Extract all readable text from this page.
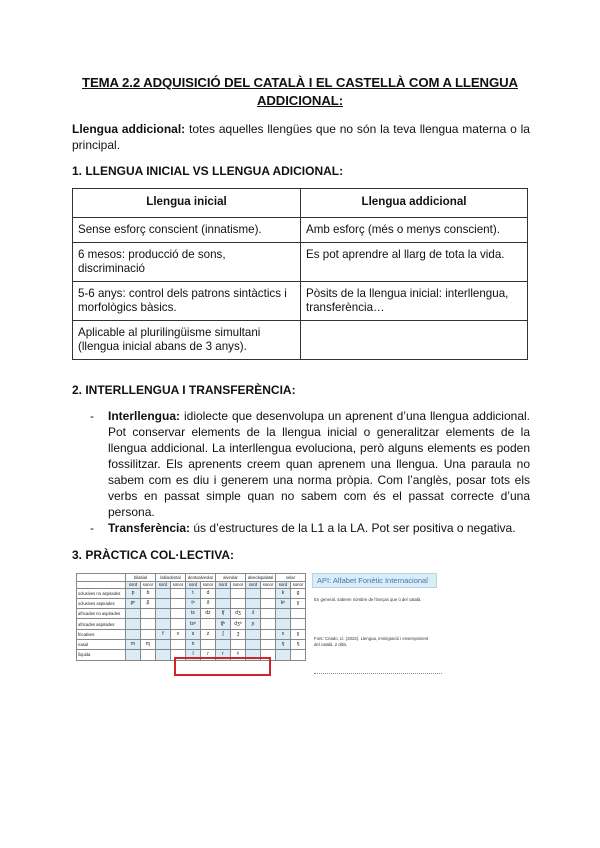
TEMA 2.2 ADQUISICIÓ DEL CATALÀ I EL CASTELLÀ COM A LLENGUA ADDICIONAL:

Llengua addicional: totes aquelles llengües que no són la teva llengua materna o la principal.

1. LLENGUA INICIAL VS LLENGUA ADICIONAL:
Llengua inicial	Llengua addicional
Sense esforç conscient (innatisme).	Amb esforç (més o menys conscient).
6 mesos: producció de sons, discriminació	Es pot aprendre al llarg de tota la vida.
5-6 anys: control dels patrons sintàctics i morfològics bàsics.	Pòsits de la llengua inicial: interllengua, transferència…
Aplicable al plurilingüisme simultani (llengua inicial abans de 3 anys).	
2. INTERLLENGUA I TRANSFERÈNCIA:
- Interllengua: idiolecte que desenvolupa un aprenent d’una llengua addicional. Pot conservar elements de la llengua inicial o generalitzar elements de la llengua addicional. La interllengua evoluciona, però alguns elements es poden fossilitzar. Els aprenents creem quan aprenem una llengua. Una paraula no sabem com es diu i generem una norma pròpia. Com l’anglès, posar tots els verbs en passat simple quan no sabem com és el passat correcte d’una persona.
- Transferència: ús d’estructures de la L1 a la LA. Pot ser positiva o negativa.
3. PRÀCTICA COL·LECTIVA:
	bilabial		labiodental		dentoalveolar		alveolar		alveolopalatal		velar	
	sord	sonor	sord	sonor	sord	sonor	sord	sonor	sord	sonor	sord	sonor
oclusives no aspirades	p	b			t	d					k	ɡ
oclusives aspirades	pʰ	β			tʰ	ð					kʰ	ɣ
africades no aspirades					ts	dz	tʃ	dʒ	ʎ			
africades aspirades					tsʰ		tʃʰ	dʒʰ	ɲ			
fricatives			f	v	s	z	ʃ	ʒ			x	ɣ
nasal	m	ɱ			n						ŋ	ŋ
líquida					l	ɾ	r	ɫ				
API: Alfabet Fonètic Internacional
En general, sabrem nombre de l’lanças que ú del català.
Font: Criado, Ll. (2022). Llengua, immigració i ensenyament del català. 2 ditis.
